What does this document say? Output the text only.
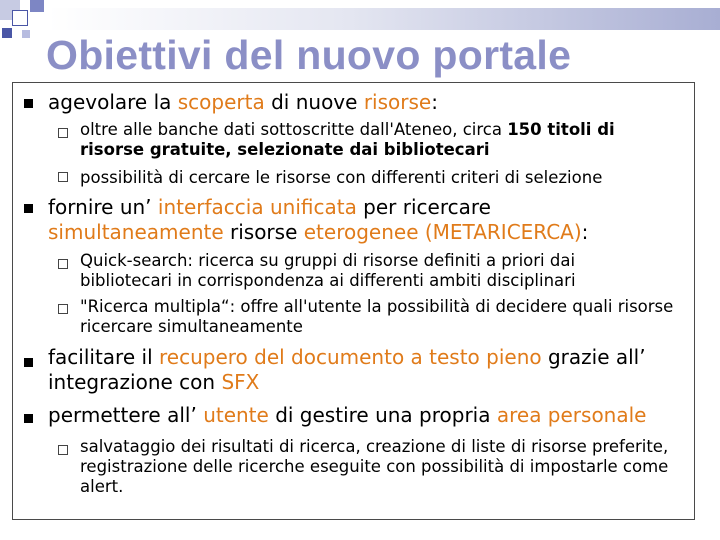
Obiettivi del nuovo portale
agevolare la scoperta di nuove risorse:
oltre alle banche dati sottoscritte dall'Ateneo, circa 150 titoli di risorse gratuite, selezionate dai bibliotecari
possibilità di cercare le risorse con differenti criteri di selezione
fornire un’ interfaccia unificata per ricercare simultaneamente risorse eterogenee (METARICERCA):
Quick-search: ricerca su gruppi di risorse definiti a priori dai bibliotecari in corrispondenza ai differenti ambiti disciplinari
"Ricerca multipla“: offre all'utente la possibilità di decidere quali risorse ricercare simultaneamente
facilitare il recupero del documento a testo pieno grazie all’ integrazione con SFX
permettere all’ utente di gestire una propria area personale
salvataggio dei risultati di ricerca, creazione di liste di risorse preferite, registrazione delle ricerche eseguite con possibilità di impostarle come alert.
